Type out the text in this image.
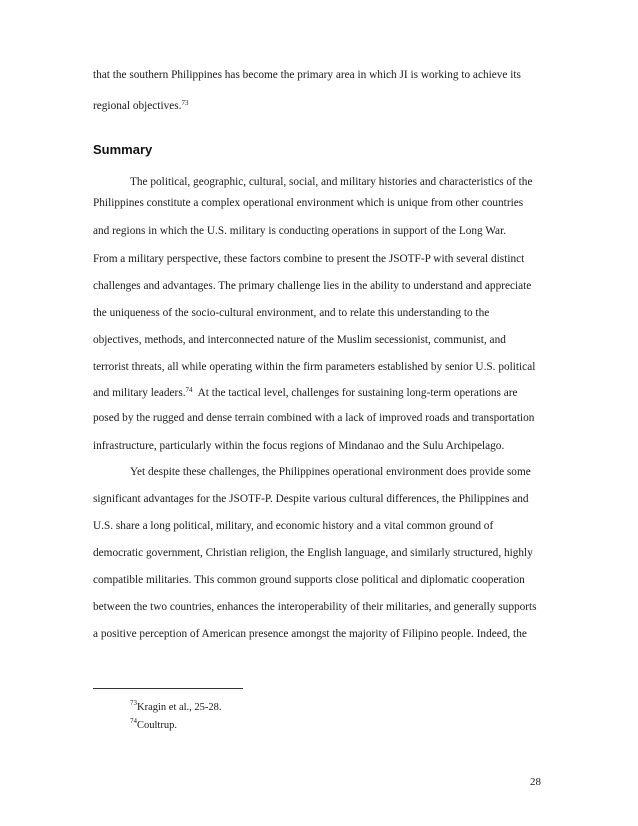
that the southern Philippines has become the primary area in which JI is working to achieve its
regional objectives.$^{73}$
Summary
The political, geographic, cultural, social, and military histories and characteristics of the
Philippines constitute a complex operational environment which is unique from other countries
and regions in which the U.S. military is conducting operations in support of the Long War.
From a military perspective, these factors combine to present the JSOTF-P with several distinct
challenges and advantages. The primary challenge lies in the ability to understand and appreciate
the uniqueness of the socio-cultural environment, and to relate this understanding to the
objectives, methods, and interconnected nature of the Muslim secessionist, communist, and
terrorist threats, all while operating within the firm parameters established by senior U.S. political
and military leaders.$^{74}$  At the tactical level, challenges for sustaining long-term operations are
posed by the rugged and dense terrain combined with a lack of improved roads and transportation
infrastructure, particularly within the focus regions of Mindanao and the Sulu Archipelago.
Yet despite these challenges, the Philippines operational environment does provide some
significant advantages for the JSOTF-P. Despite various cultural differences, the Philippines and
U.S. share a long political, military, and economic history and a vital common ground of
democratic government, Christian religion, the English language, and similarly structured, highly
compatible militaries. This common ground supports close political and diplomatic cooperation
between the two countries, enhances the interoperability of their militaries, and generally supports
a positive perception of American presence amongst the majority of Filipino people. Indeed, the
$^{73}$Kragin et al., 25-28.
$^{74}$Coultrup.
28
